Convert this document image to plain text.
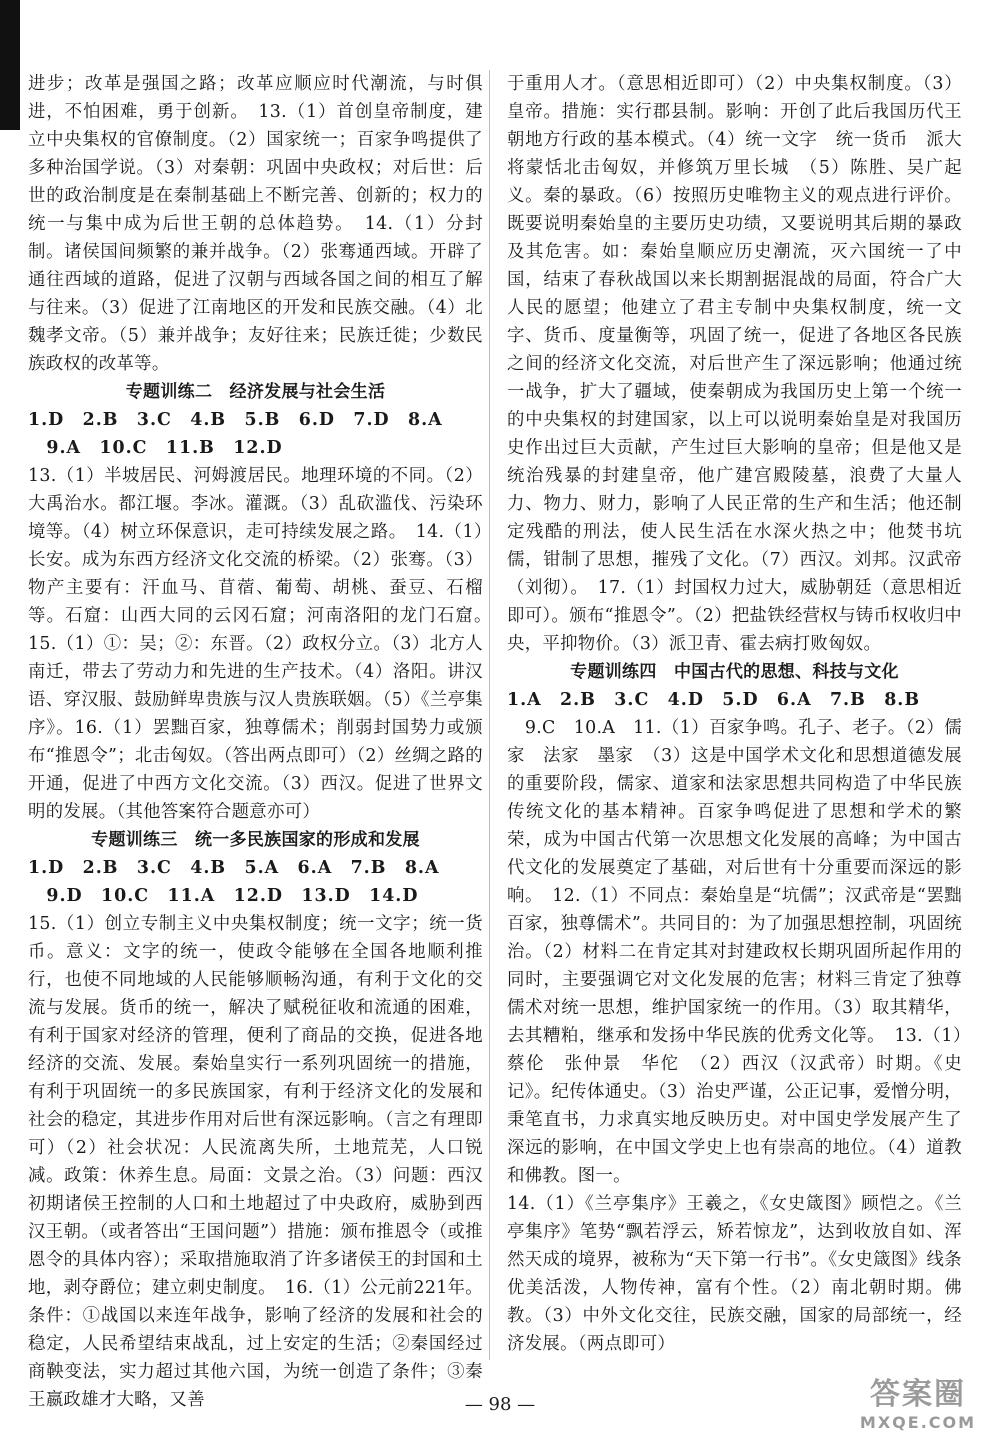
进步；改革是强国之路；改革应顺应时代潮流，与时俱进，不怕困难，勇于创新。　13.（1）首创皇帝制度，建立中央集权的官僚制度。（2）国家统一；百家争鸣提供了多种治国学说。（3）对秦朝：巩固中央政权；对后世：后世的政治制度是在秦制基础上不断完善、创新的；权力的统一与集中成为后世王朝的总体趋势。　14.（1）分封制。诸侯国间频繁的兼并战争。（2）张骞通西域。开辟了通往西域的道路，促进了汉朝与西域各国之间的相互了解与往来。（3）促进了江南地区的开发和民族交融。（4）北魏孝文帝。（5）兼并战争；友好往来；民族迁徙；少数民族政权的改革等。
专题训练二　经济发展与社会生活
1.D　2.B　3.C　4.B　5.B　6.D　7.D　8.A
　9.A　10.C　11.B　12.D
13.（1）半坡居民、河姆渡居民。地理环境的不同。（2）大禹治水。都江堰。李冰。灌溉。（3）乱砍滥伐、污染环境等。（4）树立环保意识，走可持续发展之路。　14.（1）长安。成为东西方经济文化交流的桥梁。（2）张骞。（3）物产主要有：汗血马、苜蓿、葡萄、胡桃、蚕豆、石榴等。石窟：山西大同的云冈石窟；河南洛阳的龙门石窟。　15.（1）①：吴；②：东晋。（2）政权分立。（3）北方人南迁，带去了劳动力和先进的生产技术。（4）洛阳。讲汉语、穿汉服、鼓励鲜卑贵族与汉人贵族联姻。（5）《兰亭集序》。16.（1）罢黜百家，独尊儒术；削弱封国势力或颁布“推恩令”；北击匈奴。（答出两点即可）（2）丝绸之路的开通，促进了中西方文化交流。（3）西汉。促进了世界文明的发展。（其他答案符合题意亦可）
专题训练三　统一多民族国家的形成和发展
1.D　2.B　3.C　4.B　5.A　6.A　7.B　8.A
　9.D　10.C　11.A　12.D　13.D　14.D
15.（1）创立专制主义中央集权制度；统一文字；统一货币。意义：文字的统一，使政令能够在全国各地顺利推行，也使不同地域的人民能够顺畅沟通，有利于文化的交流与发展。货币的统一，解决了赋税征收和流通的困难，有利于国家对经济的管理，便利了商品的交换，促进各地经济的交流、发展。秦始皇实行一系列巩固统一的措施，有利于巩固统一的多民族国家，有利于经济文化的发展和社会的稳定，其进步作用对后世有深远影响。（言之有理即可）（2）社会状况：人民流离失所，土地荒芜，人口锐减。政策：休养生息。局面：文景之治。（3）问题：西汉初期诸侯王控制的人口和土地超过了中央政府，威胁到西汉王朝。（或者答出“王国问题”）措施：颁布推恩令（或推恩令的具体内容）；采取措施取消了许多诸侯王的封国和土地，剥夺爵位；建立刺史制度。　16.（1）公元前221年。条件：①战国以来连年战争，影响了经济的发展和社会的稳定，人民希望结束战乱，过上安定的生活；②秦国经过商鞅变法，实力超过其他六国，为统一创造了条件；③秦王嬴政雄才大略，又善
于重用人才。（意思相近即可）（2）中央集权制度。（3）皇帝。措施：实行郡县制。影响：开创了此后我国历代王朝地方行政的基本模式。（4）统一文字　统一货币　派大将蒙恬北击匈奴，并修筑万里长城　（5）陈胜、吴广起义。秦的暴政。（6）按照历史唯物主义的观点进行评价。既要说明秦始皇的主要历史功绩，又要说明其后期的暴政及其危害。如：秦始皇顺应历史潮流，灭六国统一了中国，结束了春秋战国以来长期割据混战的局面，符合广大人民的愿望；他建立了君主专制中央集权制度，统一文字、货币、度量衡等，巩固了统一，促进了各地区各民族之间的经济文化交流，对后世产生了深远影响；他通过统一战争，扩大了疆域，使秦朝成为我国历史上第一个统一的中央集权的封建国家，以上可以说明秦始皇是对我国历史作出过巨大贡献，产生过巨大影响的皇帝；但是他又是统治残暴的封建皇帝，他广建宫殿陵墓，浪费了大量人力、物力、财力，影响了人民正常的生产和生活；他还制定残酷的刑法，使人民生活在水深火热之中；他焚书坑儒，钳制了思想，摧残了文化。（7）西汉。刘邦。汉武帝（刘彻）。　17.（1）封国权力过大，威胁朝廷（意思相近即可）。颁布“推恩令”。（2）把盐铁经营权与铸币权收归中央，平抑物价。（3）派卫青、霍去病打败匈奴。
专题训练四　中国古代的思想、科技与文化
1.A　2.B　3.C　4.D　5.D　6.A　7.B　8.B
　9.C　10.A　11.（1）百家争鸣。孔子、老子。（2）儒家　法家　墨家　（3）这是中国学术文化和思想道德发展的重要阶段，儒家、道家和法家思想共同构造了中华民族传统文化的基本精神。百家争鸣促进了思想和学术的繁荣，成为中国古代第一次思想文化发展的高峰；为中国古代文化的发展奠定了基础，对后世有十分重要而深远的影响。　12.（1）不同点：秦始皇是“坑儒”；汉武帝是“罢黜百家，独尊儒术”。共同目的：为了加强思想控制，巩固统治。（2）材料二在肯定其对封建政权长期巩固所起作用的同时，主要强调它对文化发展的危害；材料三肯定了独尊儒术对统一思想，维护国家统一的作用。（3）取其精华，去其糟粕，继承和发扬中华民族的优秀文化等。　13.（1）蔡伦　张仲景　华佗　（2）西汉（汉武帝）时期。《史记》。纪传体通史。（3）治史严谨，公正记事，爱憎分明，秉笔直书，力求真实地反映历史。对中国史学发展产生了深远的影响，在中国文学史上也有崇高的地位。（4）道教和佛教。图一。
14.（1）《兰亭集序》王羲之，《女史箴图》顾恺之。《兰亭集序》笔势“飘若浮云，矫若惊龙”，达到收放自如、浑然天成的境界，被称为“天下第一行书”。《女史箴图》线条优美活泼，人物传神，富有个性。（2）南北朝时期。佛教。（3）中外文化交往，民族交融，国家的局部统一，经济发展。（两点即可）
— 98 —	答案圈
MXQE.COM
